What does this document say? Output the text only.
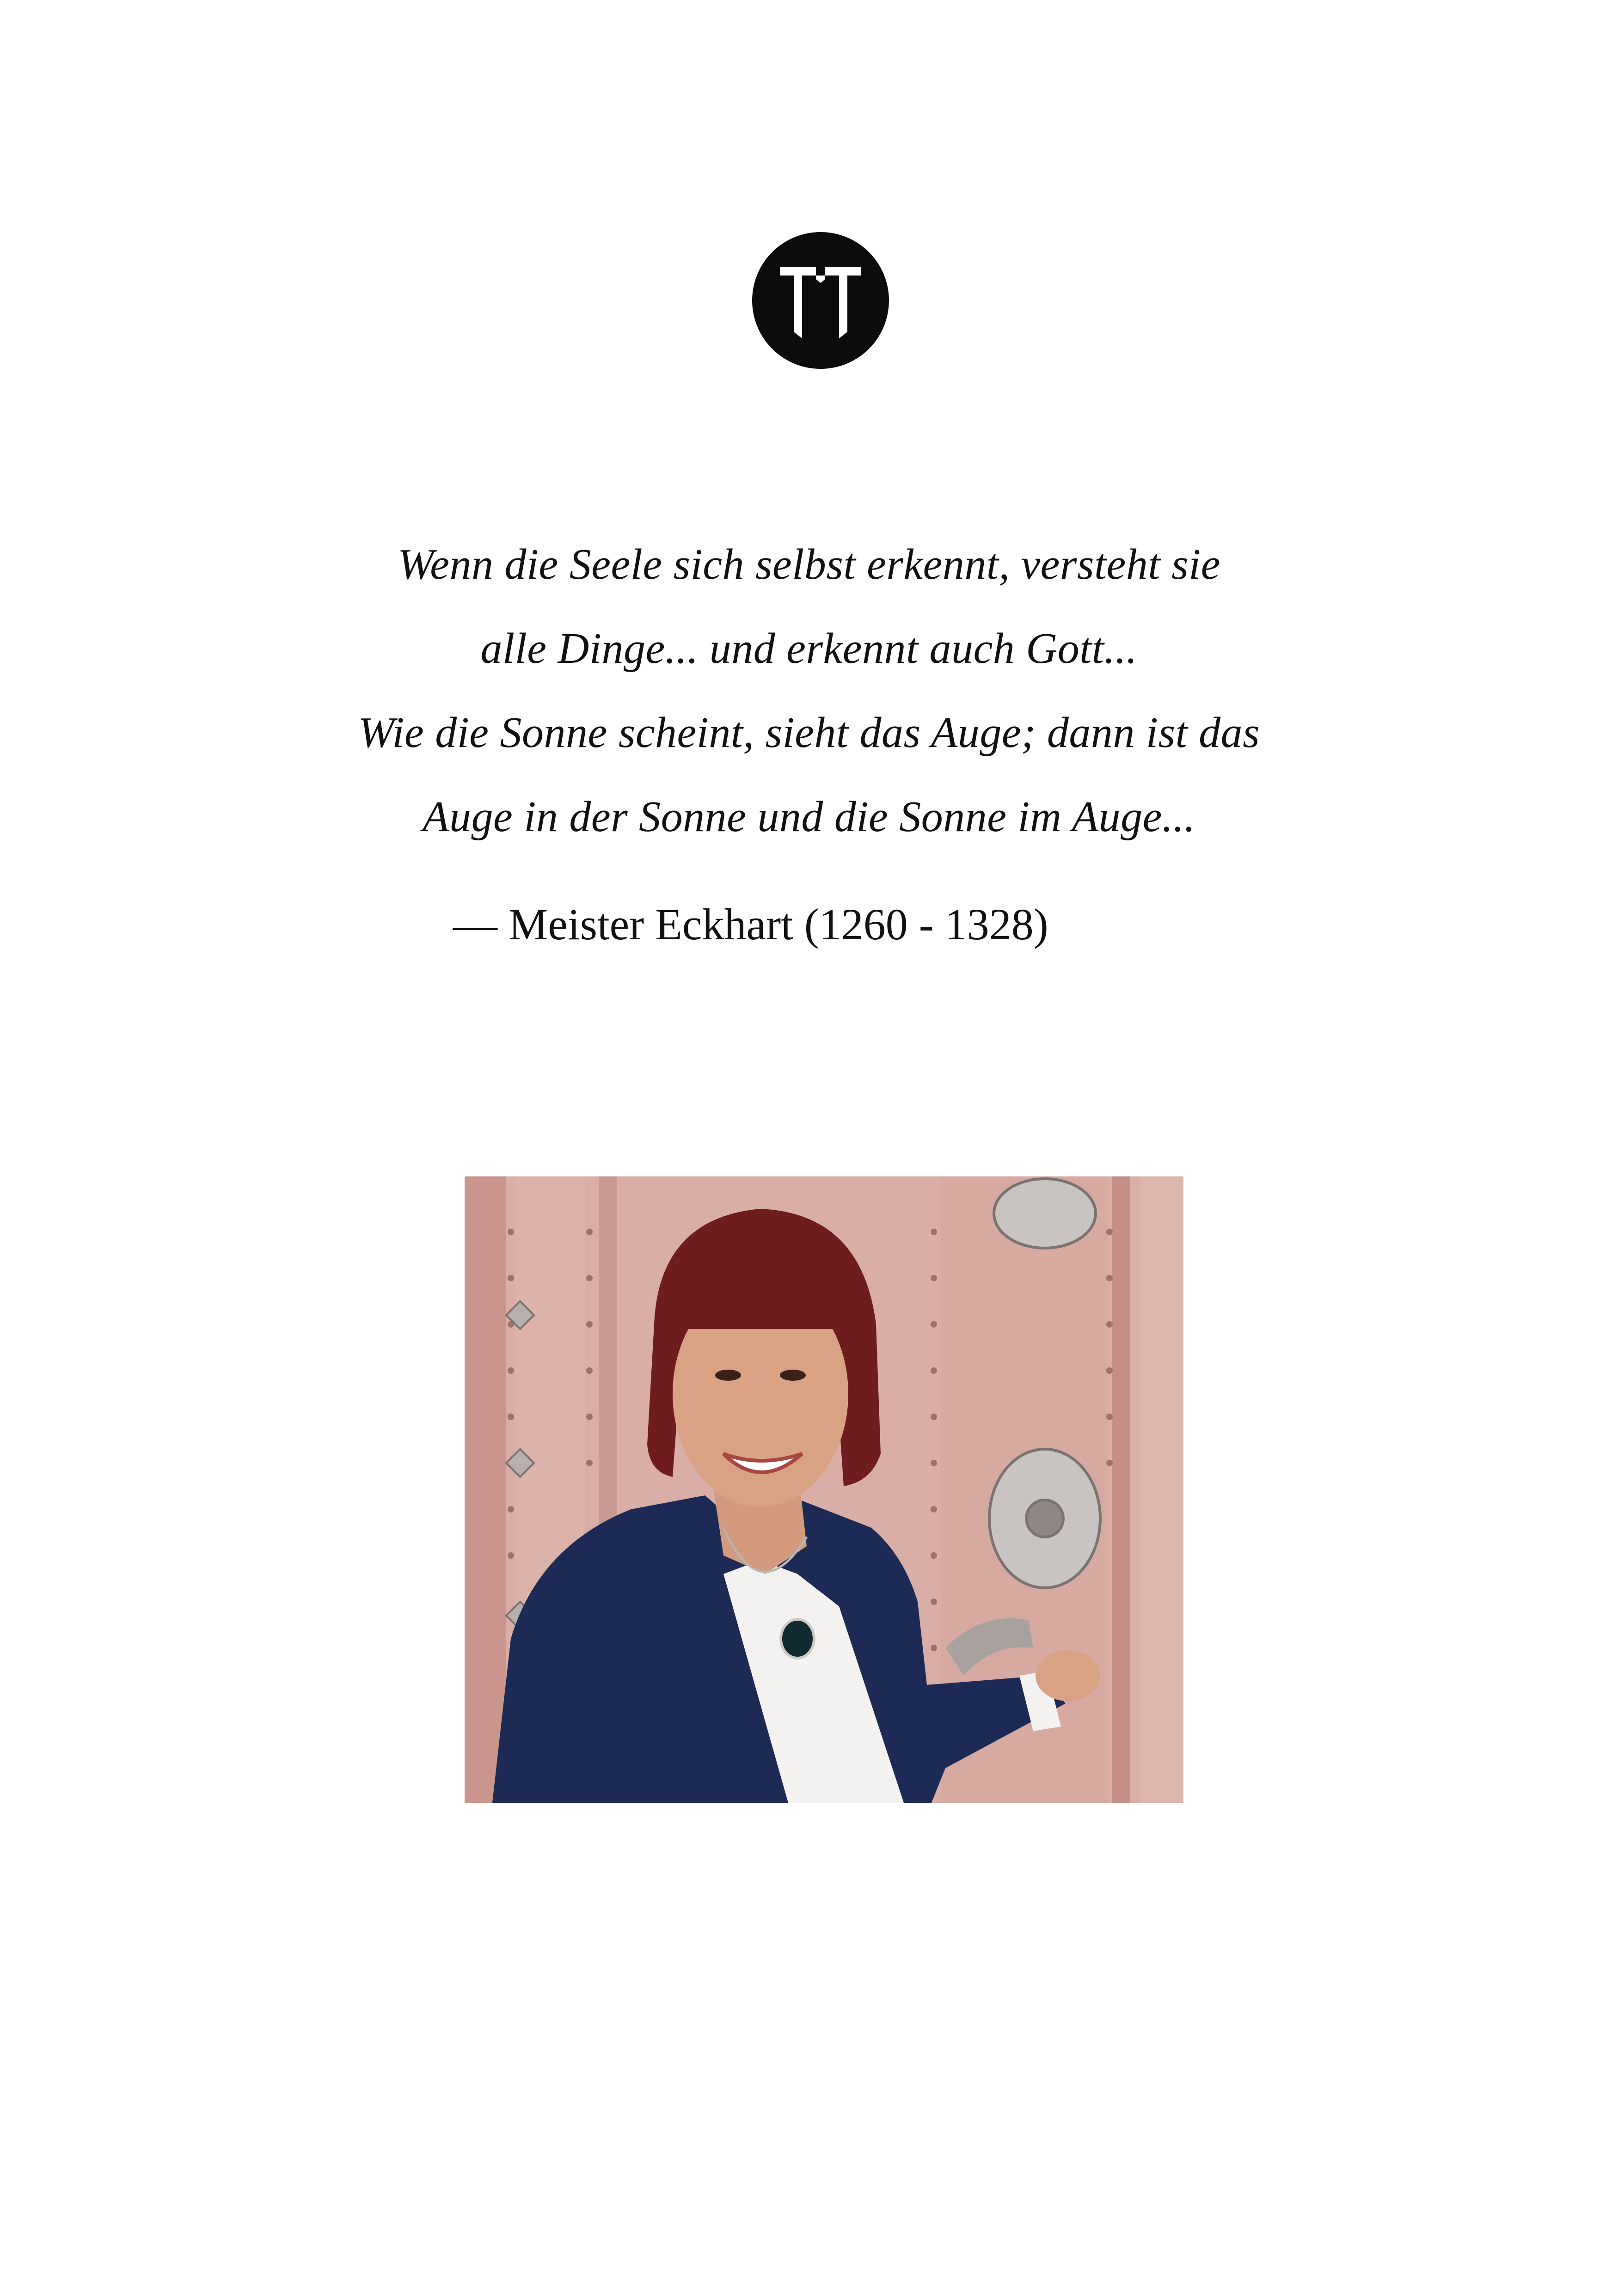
Wenn die Seele sich selbst erkennt, versteht sie
alle Dinge... und erkennt auch Gott...
Wie die Sonne scheint, sieht das Auge; dann ist das
Auge in der Sonne und die Sonne im Auge...
— Meister Eckhart (1260 - 1328)
